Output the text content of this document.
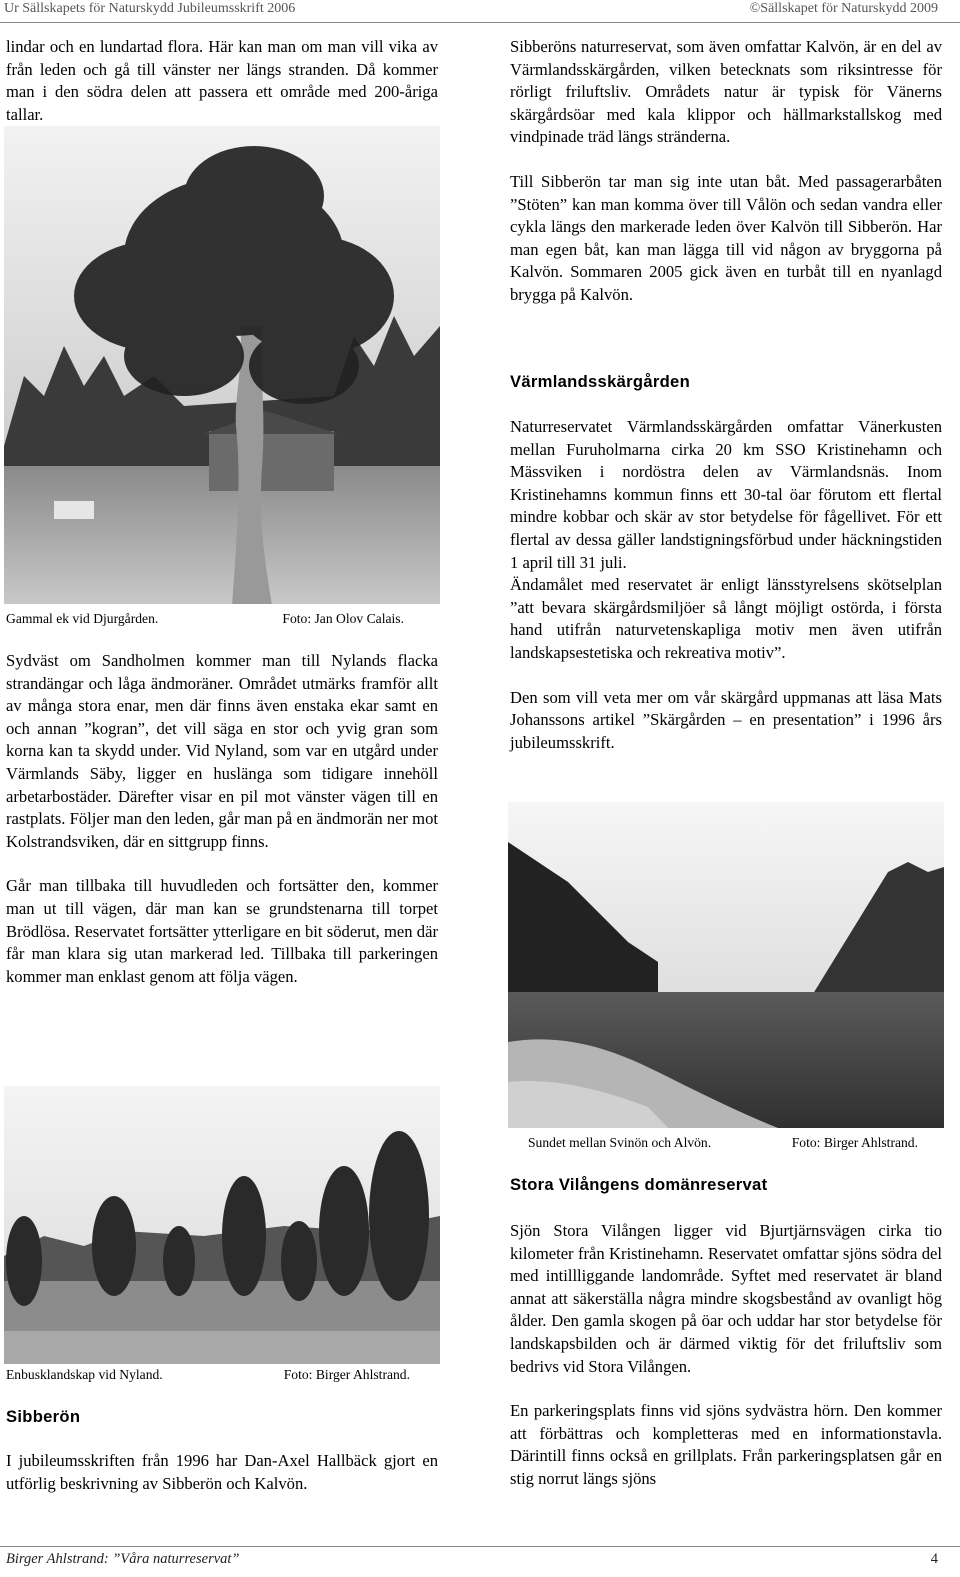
Ur Sällskapets för Naturskydd Jubileumsskrift 2006	©Sällskapet för Naturskydd 2009

lindar och en lundartad flora. Här kan man om man vill vika av från leden och gå till vänster ner längs stranden. Då kommer man i den södra delen att passera ett område med 200-åriga tallar.

Gammal ek vid Djurgården.	Foto: Jan Olov Calais.

Sydväst om Sandholmen kommer man till Nylands flacka strandängar och låga ändmoräner. Området utmärks framför allt av många stora enar, men där finns även enstaka ekar samt en och annan ”kogran”, det vill säga en stor och yvig gran som korna kan ta skydd under. Vid Nyland, som var en utgård under Värmlands Säby, ligger en huslänga som tidigare innehöll arbetarbostäder. Därefter visar en pil mot vänster vägen till en rastplats. Följer man den leden, går man på en ändmorän ner mot Kolstrandsviken, där en sittgrupp finns.

Går man tillbaka till huvudleden och fortsätter den, kommer man ut till vägen, där man kan se grundstenarna till torpet Brödlösa. Reservatet fortsätter ytterligare en bit söderut, men där får man klara sig utan markerad led. Tillbaka till parkeringen kommer man enklast genom att följa vägen.

Enbusklandskap vid Nyland.	Foto: Birger Ahlstrand.
Sibberön

I jubileumsskriften från 1996 har Dan-Axel Hallbäck gjort en utförlig beskrivning av Sibberön och Kalvön.

Sibberöns naturreservat, som även omfattar Kalvön, är en del av Värmlandsskärgården, vilken betecknats som riksintresse för rörligt friluftsliv. Områdets natur är typisk för Vänerns skärgårdsöar med kala klippor och hällmarkstallskog med vindpinade träd längs stränderna.

Till Sibberön tar man sig inte utan båt. Med passagerarbåten ”Stöten” kan man komma över till Vålön och sedan vandra eller cykla längs den markerade leden över Kalvön till Sibberön. Har man egen båt, kan man lägga till vid någon av bryggorna på Kalvön. Sommaren 2005 gick även en turbåt till en nyanlagd brygga på Kalvön.

Värmlandsskärgården

Naturreservatet Värmlandsskärgården omfattar Vänerkusten mellan Furuholmarna cirka 20 km SSO Kristinehamn och Mässviken i nordöstra delen av Värmlandsnäs. Inom Kristinehamns kommun finns ett 30-tal öar förutom ett flertal mindre kobbar och skär av stor betydelse för fågellivet. För ett flertal av dessa gäller landstigningsförbud under häckningstiden 1 april till 31 juli.

Ändamålet med reservatet är enligt länsstyrelsens skötselplan ”att bevara skärgårdsmiljöer så långt möjligt ostörda, i första hand utifrån naturvetenskapliga motiv men även utifrån landskapsestetiska och rekreativa motiv”.

Den som vill veta mer om vår skärgård uppmanas att läsa Mats Johanssons artikel ”Skärgården – en presentation” i 1996 års jubileumsskrift.

Sundet mellan Svinön och Alvön.	Foto: Birger Ahlstrand.
Stora Vilångens domänreservat

Sjön Stora Vilången ligger vid Bjurtjärnsvägen cirka tio kilometer från Kristinehamn. Reservatet omfattar sjöns södra del med intillliggande landområde. Syftet med reservatet är bland annat att säkerställa några mindre skogsbestånd av ovanligt hög ålder. Den gamla skogen på öar och uddar har stor betydelse för landskapsbilden och är därmed viktig för det friluftsliv som bedrivs vid Stora Vilången.

En parkeringsplats finns vid sjöns sydvästra hörn. Den kommer att förbättras och kompletteras med en informationstavla. Därintill finns också en grillplats. Från parkeringsplatsen går en stig norrut längs sjöns

Birger Ahlstrand: ”Våra naturreservat”	4
